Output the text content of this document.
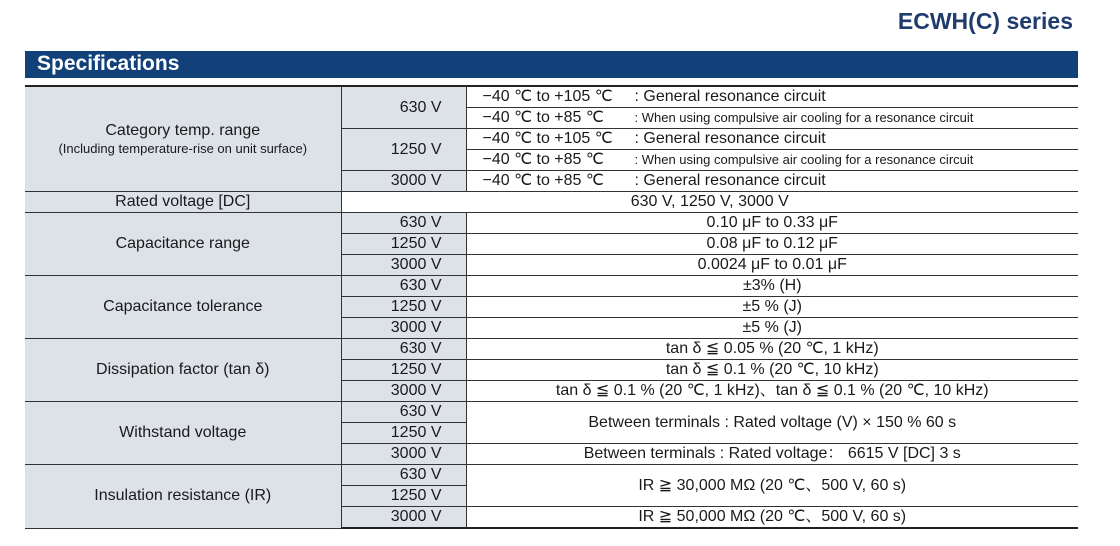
ECWH(C) series
Specifications
Category temp. range
(Including temperature-rise on unit surface)	630 V	−40 ℃ to +105 ℃ : General resonance circuit
		−40 ℃ to +85 ℃ : When using compulsive air cooling for a resonance circuit
	1250 V	−40 ℃ to +105 ℃ : General resonance circuit
		−40 ℃ to +85 ℃ : When using compulsive air cooling for a resonance circuit
	3000 V	−40 ℃ to +85 ℃ : General resonance circuit
Rated voltage [DC]	630 V, 1250 V, 3000 V	
Capacitance range	630 V	0.10 μF to 0.33 μF
	1250 V	0.08 μF to 0.12 μF
	3000 V	0.0024 μF to 0.01 μF
Capacitance tolerance	630 V	±3% (H)
	1250 V	±5 % (J)
	3000 V	±5 % (J)
Dissipation factor (tan δ)	630 V	tan δ ≦ 0.05 % (20 ℃, 1 kHz)
	1250 V	tan δ ≦ 0.1 % (20 ℃, 10 kHz)
	3000 V	tan δ ≦ 0.1 % (20 ℃, 1 kHz)、tan δ ≦ 0.1 % (20 ℃, 10 kHz)
Withstand voltage	630 V	Between terminals : Rated voltage (V) × 150 % 60 s
	1250 V	
	3000 V	Between terminals : Rated voltage： 6615 V [DC] 3 s
Insulation resistance (IR)	630 V	IR ≧ 30,000 MΩ (20 ℃、500 V, 60 s)
	1250 V	
	3000 V	IR ≧ 50,000 MΩ (20 ℃、500 V, 60 s)
